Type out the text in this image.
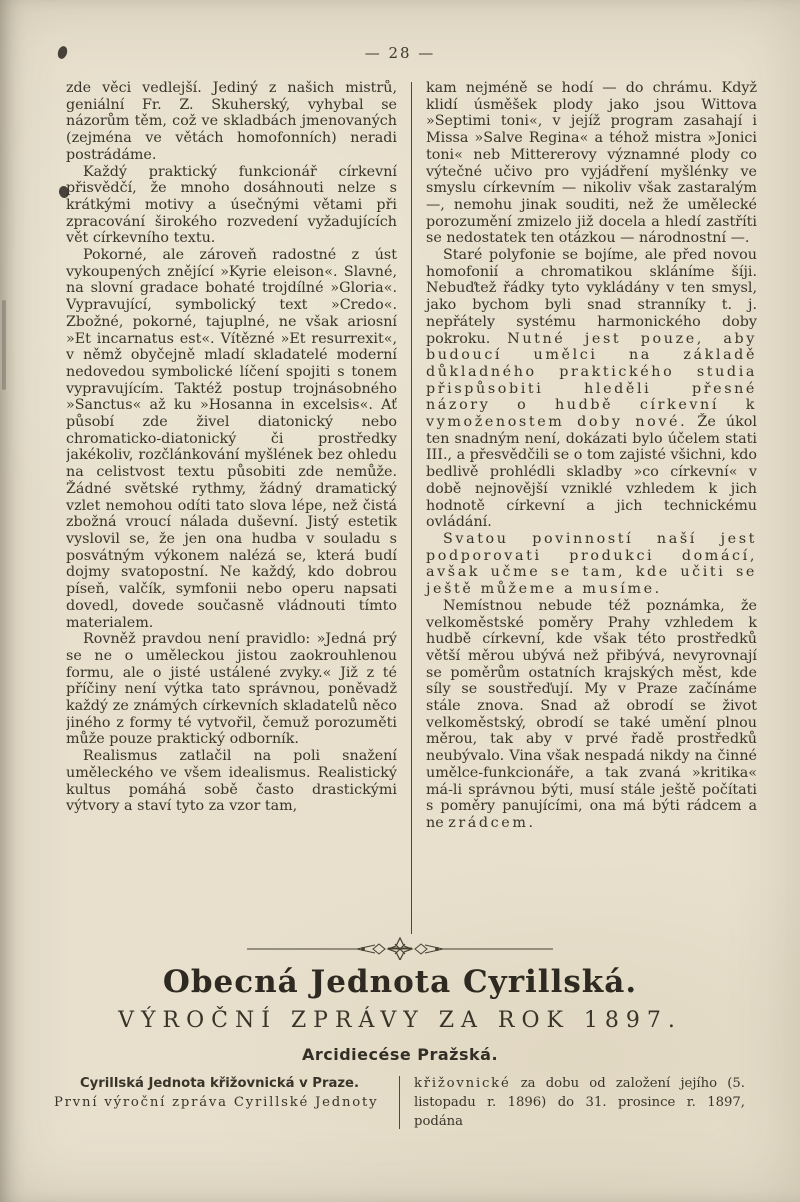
— 28 —

zde věci vedlejší. Jediný z našich mistrů, geniální Fr. Z. Skuherský, vyhybal se názorům těm, což ve skladbách jmenovaných (zejména ve větách homofonních) neradi postrádáme.

Každý praktický funkcionář církevní přisvědčí, že mnoho dosáhnouti nelze s krátkými motivy a úsečnými větami při zpracování širokého rozvedení vyžadujících vět církevního textu.

Pokorné, ale zároveň radostné z úst vykoupených znějící »Kyrie eleison«. Slavné, na slovní gradace bohaté trojdílné »Gloria«. Vypravující, symbolický text »Credo«. Zbožné, pokorné, tajuplné, ne však ariosní »Et incarnatus est«. Vítězné »Et resurrexit«, v němž obyčejně mladí skladatelé moderní nedovedou symbolické líčení spojiti s tonem vypravujícím. Taktéž postup trojnásobného »Sanctus« až ku »Hosanna in excelsis«. Ať působí zde živel diatonický nebo chromaticko-diatonický či prostředky jakékoliv, rozčlánkování myšlének bez ohledu na celistvost textu působiti zde nemůže. Žádné světské rythmy, žádný dramatický vzlet nemohou odíti tato slova lépe, než čistá zbožná vroucí nálada duševní. Jistý estetik vyslovil se, že jen ona hudba v souladu s posvátným výkonem nalézá se, která budí dojmy svatopostní. Ne každý, kdo dobrou píseň, valčík, symfonii nebo operu napsati dovedl, dovede současně vládnouti tímto materialem.

Rovněž pravdou není pravidlo: »Jedná prý se ne o uměleckou jistou zaokrouhlenou formu, ale o jisté ustálené zvyky.« Již z té příčiny není výtka tato správnou, poněvadž každý ze známých církevních skladatelů něco jiného z formy té vytvořil, čemuž porozuměti může pouze praktický odborník.

Realismus zatlačil na poli snažení uměleckého ve všem idealismus. Realistický kultus pomáhá sobě často drastickými výtvory a staví tyto za vzor tam,

kam nejméně se hodí — do chrámu. Když klidí úsměšek plody jako jsou Wittova »Septimi toni«, v jejíž program zasahají i Missa »Salve Regina« a téhož mistra »Jonici toni« neb Mittererovy významné plody co výtečné učivo pro vyjádření myšlénky ve smyslu církevním — nikoliv však zastaralým —, nemohu jinak souditi, než že umělecké porozumění zmizelo již docela a hledí zastříti se nedostatek ten otázkou — národnostní —.

Staré polyfonie se bojíme, ale před novou homofonií a chromatikou skláníme šíji. Nebuďtež řádky tyto vykládány v ten smysl, jako bychom byli snad stranníky t. j. nepřátely systému harmonického doby pokroku. Nutné jest pouze, aby budoucí umělci na základě důkladného praktického studia přispůsobiti hleděli přesné názory o hudbě církevní k vymoženostem doby nové. Že úkol ten snadným není, dokázati bylo účelem stati III., a přesvědčili se o tom zajisté všichni, kdo bedlivě prohlédli skladby »co církevní« v době nejnovější vzniklé vzhledem k jich hodnotě církevní a jich technickému ovládání.

Svatou povinností naší jest podporovati produkci domácí, avšak učme se tam, kde učiti se ještě můžeme a musíme.

Nemístnou nebude též poznámka, že velkoměstské poměry Prahy vzhledem k hudbě církevní, kde však této prostředků větší měrou ubývá než přibývá, nevyrovnají se poměrům ostatních krajských měst, kde síly se soustřeďují. My v Praze začínáme stále znova. Snad až obrodí se život velkoměstský, obrodí se také umění plnou měrou, tak aby v prvé řadě prostředků neubývalo. Vina však nespadá nikdy na činné umělce-funkcionáře, a tak zvaná »kritika« má-li správnou býti, musí stále ještě počítati s poměry panujícími, ona má býti rádcem a ne zrádcem.

Obecná Jednota Cyrillská.
VÝROČNÍ ZPRÁVY ZA ROK 1897.
Arcidiecése Pražská.

Cyrillská Jednota křižovnická v Praze.

První výroční zpráva Cyrillské Jednoty

křižovnické za dobu od založení jejího (5. listopadu r. 1896) do 31. prosince r. 1897, podána
